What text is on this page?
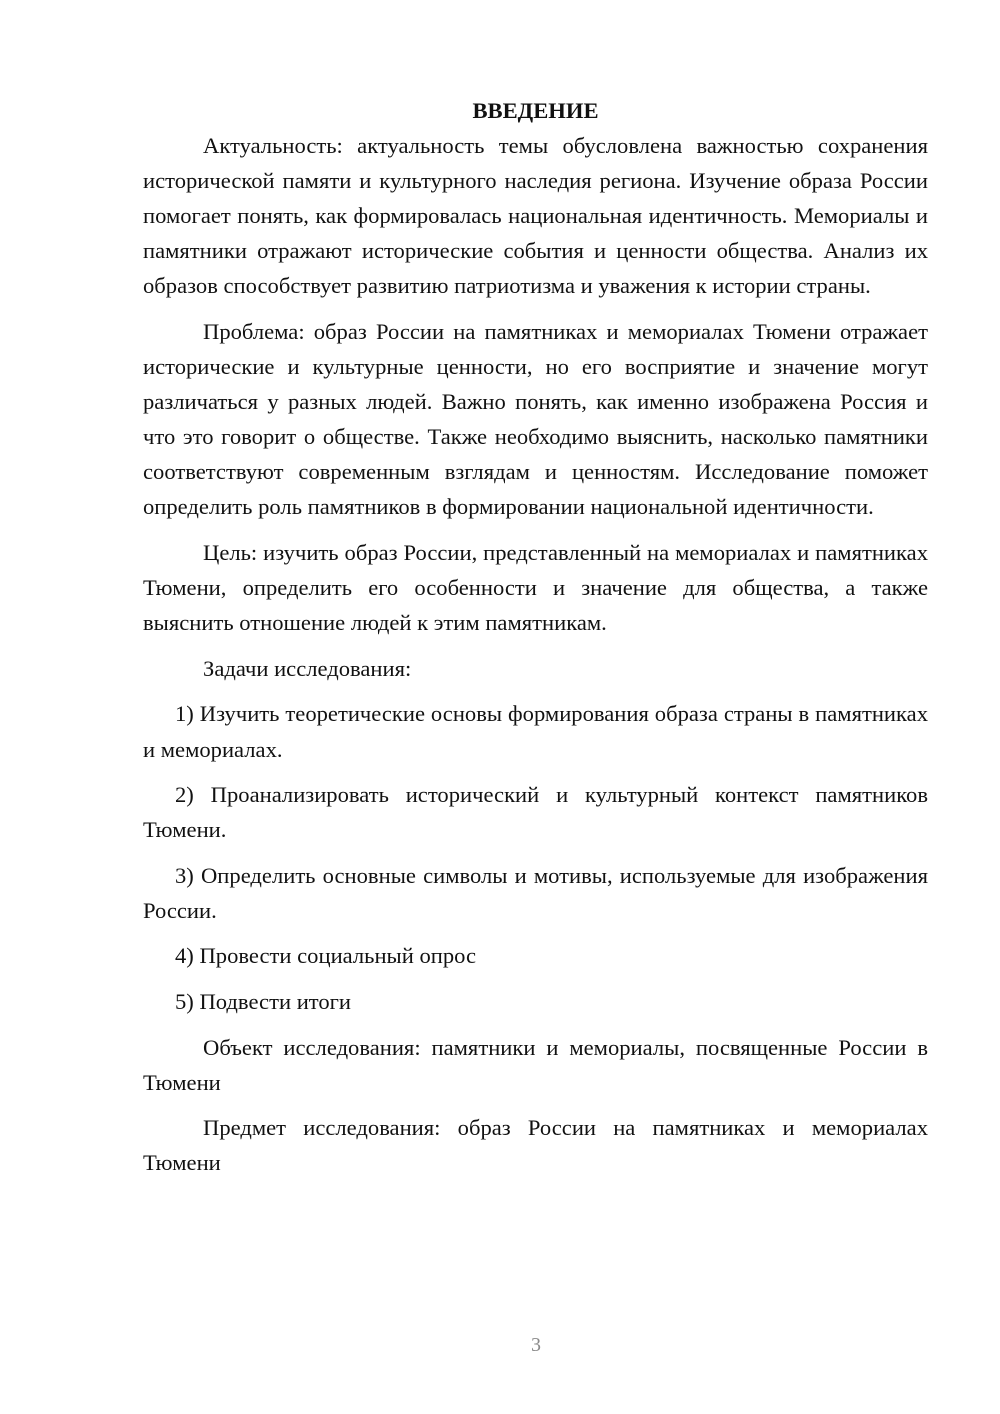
ВВЕДЕНИЕ

Актуальность: актуальность темы обусловлена важностью сохранения исторической памяти и культурного наследия региона. Изучение образа России помогает понять, как формировалась национальная идентичность. Мемориалы и памятники отражают исторические события и ценности общества. Анализ их образов способствует развитию патриотизма и уважения к истории страны.

Проблема: образ России на памятниках и мемориалах Тюмени отражает исторические и культурные ценности, но его восприятие и значение могут различаться у разных людей. Важно понять, как именно изображена Россия и что это говорит о обществе. Также необходимо выяснить, насколько памятники соответствуют современным взглядам и ценностям. Исследование поможет определить роль памятников в формировании национальной идентичности.

Цель: изучить образ России, представленный на мемориалах и памятниках Тюмени, определить его особенности и значение для общества, а также выяснить отношение людей к этим памятникам.

Задачи исследования:

1) Изучить теоретические основы формирования образа страны в памятниках и мемориалах.

2) Проанализировать исторический и культурный контекст памятников Тюмени.

3) Определить основные символы и мотивы, используемые для изображения России.

4) Провести социальный опрос

5) Подвести итоги

Объект исследования: памятники и мемориалы, посвященные России в Тюмени

Предмет исследования: образ России на памятниках и мемориалах Тюмени

3
